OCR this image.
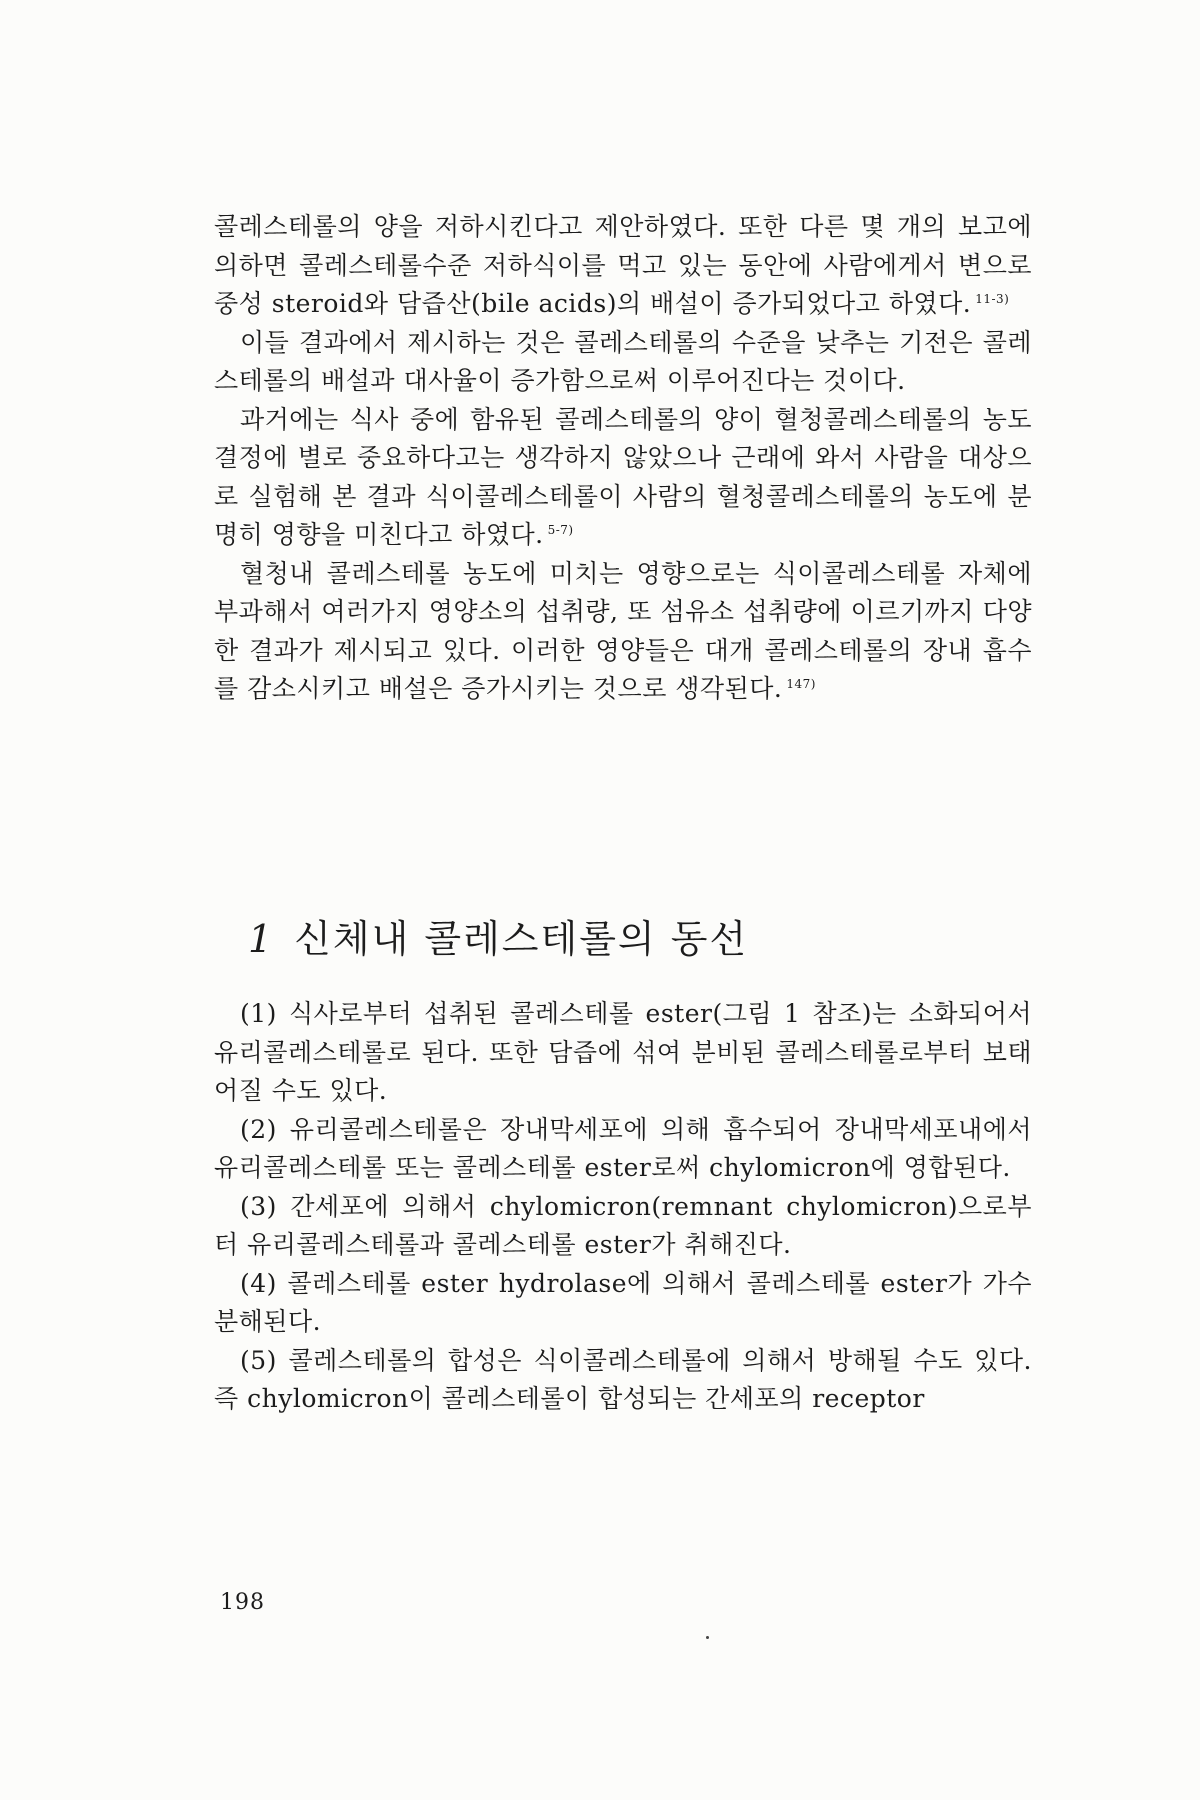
콜레스테롤의 양을 저하시킨다고 제안하였다. 또한 다른 몇 개의 보고에 의하면 콜레스테롤수준 저하식이를 먹고 있는 동안에 사람에게서 변으로 중성 steroid와 담즙산(bile acids)의 배설이 증가되었다고 하였다. $^{11-3)}$

이들 결과에서 제시하는 것은 콜레스테롤의 수준을 낮추는 기전은 콜레스테롤의 배설과 대사율이 증가함으로써 이루어진다는 것이다.

과거에는 식사 중에 함유된 콜레스테롤의 양이 혈청콜레스테롤의 농도 결정에 별로 중요하다고는 생각하지 않았으나 근래에 와서 사람을 대상으로 실험해 본 결과 식이콜레스테롤이 사람의 혈청콜레스테롤의 농도에 분명히 영향을 미친다고 하였다. $^{5-7)}$

혈청내 콜레스테롤 농도에 미치는 영향으로는 식이콜레스테롤 자체에 부과해서 여러가지 영양소의 섭취량, 또 섬유소 섭취량에 이르기까지 다양한 결과가 제시되고 있다. 이러한 영양들은 대개 콜레스테롤의 장내 흡수를 감소시키고 배설은 증가시키는 것으로 생각된다. $^{147)}$

1 신체내 콜레스테롤의 동선

(1) 식사로부터 섭취된 콜레스테롤 ester(그림 1 참조)는 소화되어서 유리콜레스테롤로 된다. 또한 담즙에 섞여 분비된 콜레스테롤로부터 보태어질 수도 있다.

(2) 유리콜레스테롤은 장내막세포에 의해 흡수되어 장내막세포내에서 유리콜레스테롤 또는 콜레스테롤 ester로써 chylomicron에 영합된다.

(3) 간세포에 의해서 chylomicron(remnant chylomicron)으로부터 유리콜레스테롤과 콜레스테롤 ester가 취해진다.

(4) 콜레스테롤 ester hydrolase에 의해서 콜레스테롤 ester가 가수분해된다.

(5) 콜레스테롤의 합성은 식이콜레스테롤에 의해서 방해될 수도 있다. 즉 chylomicron이 콜레스테롤이 합성되는 간세포의 receptor

198
